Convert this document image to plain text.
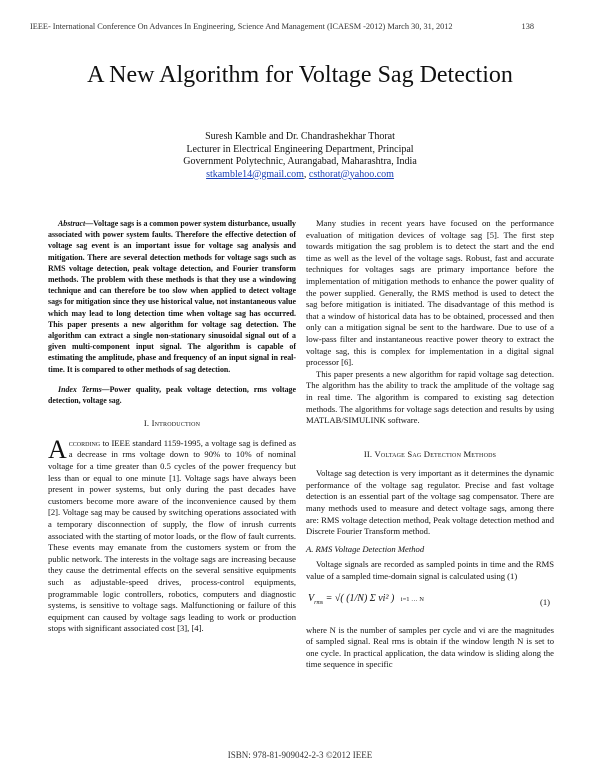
IEEE- International Conference On Advances In Engineering, Science And Management (ICAESM -2012) March 30, 31, 2012	138
A New Algorithm for Voltage Sag Detection
Suresh Kamble and Dr. Chandrashekhar Thorat
Lecturer in Electrical Engineering Department, Principal
Government Polytechnic, Aurangabad, Maharashtra, India
stkamble14@gmail.com, csthorat@yahoo.com

Abstract—Voltage sags is a common power system disturbance, usually associated with power system faults. Therefore the effective detection of voltage sag event is an important issue for voltage sag analysis and mitigation. There are several detection methods for voltage sags such as RMS voltage detection, peak voltage detection, and Fourier transform methods. The problem with these methods is that they use a windowing technique and can therefore be too slow when applied to detect voltage sags for mitigation since they use historical value, not instantaneous value which may lead to long detection time when voltage sag has occurred. This paper presents a new algorithm for voltage sag detection. The algorithm can extract a single non-stationary sinusoidal signal out of a given multi-component input signal. The algorithm is capable of estimating the amplitude, phase and frequency of an input signal in real-time. It is compared to other methods of sag detection.

Index Terms—Power quality, peak voltage detection, rms voltage detection, voltage sag.

I. Introduction

According to IEEE standard 1159-1995, a voltage sag is defined as a decrease in rms voltage down to 90% to 10% of nominal voltage for a time greater than 0.5 cycles of the power frequency but less than or equal to one minute [1]. Voltage sags have always been present in power systems, but only during the past decades have customers become more aware of the inconvenience caused by them [2]. Voltage sag may be caused by switching operations associated with a temporary disconnection of supply, the flow of inrush currents associated with the starting of motor loads, or the flow of fault currents. These events may emanate from the customers system or from the public network. The interests in the voltage sags are increasing because they cause the detrimental effects on the several sensitive equipments such as adjustable-speed drives, process-control equipments, programmable logic controllers, robotics, computers and diagnostic systems, is sensitive to voltage sags. Malfunctioning or failure of this equipment can caused by voltage sags leading to work or production stops with significant associated cost [3], [4].

Many studies in recent years have focused on the performance evaluation of mitigation devices of voltage sag [5]. The first step towards mitigation the sag problem is to detect the start and the end time as well as the level of the voltage sags. Robust, fast and accurate techniques for voltages sags are primary importance before the implementation of mitigation methods to enhance the power quality of the power supplied. Generally, the RMS method is used to detect the sag before mitigation is initiated. The disadvantage of this method is that a window of historical data has to be obtained, processed and then only can a mitigation signal be sent to the hardware. Due to use of a low-pass filter and instantaneous reactive power theory to extract the voltage sag, this is complex for implementation in a digital signal processor [6].

This paper presents a new algorithm for rapid voltage sag detection. The algorithm has the ability to track the amplitude of the voltage sag in real time. The algorithm is compared to existing sag detection methods. The algorithms for voltage sags detection and results by using MATLAB/SIMULINK software.

II. Voltage Sag Detection Methods

Voltage sag detection is very important as it determines the dynamic performance of the voltage sag regulator. Precise and fast voltage detection is an essential part of the voltage sag compensator. There are many methods used to measure and detect voltage sags, among there are: RMS voltage detection method, Peak voltage detection method and Discrete Fourier Transform method.

A. RMS Voltage Detection Method

Voltage signals are recorded as sampled points in time and the RMS value of a sampled time-domain signal is calculated using (1)

$V_{rms}$ = √( (1/N) Σ vi² ) i=1 … N	(1)

where N is the number of samples per cycle and vi are the magnitudes of sampled signal. Real rms is obtain if the window length N is set to one cycle. In practical application, the data window is sliding along the time sequence in specific

ISBN: 978-81-909042-2-3 ©2012 IEEE
